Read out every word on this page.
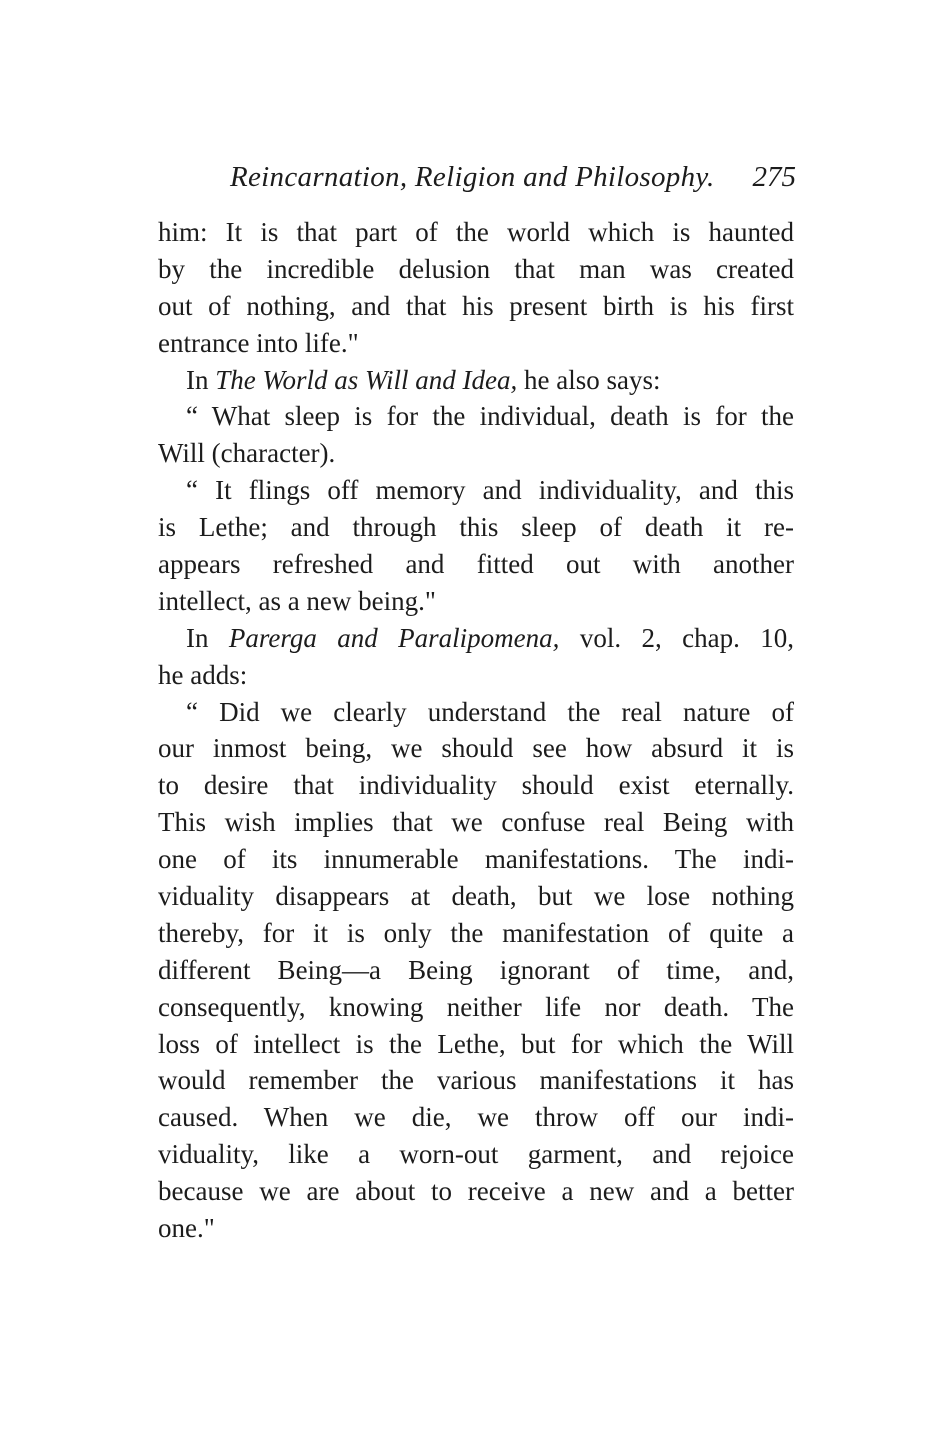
Reincarnation, Religion and Philosophy. 275
him: It is that part of the world which is haunted
by the incredible delusion that man was created
out of nothing, and that his present birth is his first
entrance into life."
In The World as Will and Idea, he also says:
“ What sleep is for the individual, death is for the
Will (character).
“ It flings off memory and individuality, and this
is Lethe; and through this sleep of death it re-
appears refreshed and fitted out with another
intellect, as a new being."
In Parerga and Paralipomena, vol. 2, chap. 10,
he adds:
“ Did we clearly understand the real nature of
our inmost being, we should see how absurd it is
to desire that individuality should exist eternally.
This wish implies that we confuse real Being with
one of its innumerable manifestations. The indi-
viduality disappears at death, but we lose nothing
thereby, for it is only the manifestation of quite a
different Being—a Being ignorant of time, and,
consequently, knowing neither life nor death. The
loss of intellect is the Lethe, but for which the Will
would remember the various manifestations it has
caused. When we die, we throw off our indi-
viduality, like a worn-out garment, and rejoice
because we are about to receive a new and a better
one."
